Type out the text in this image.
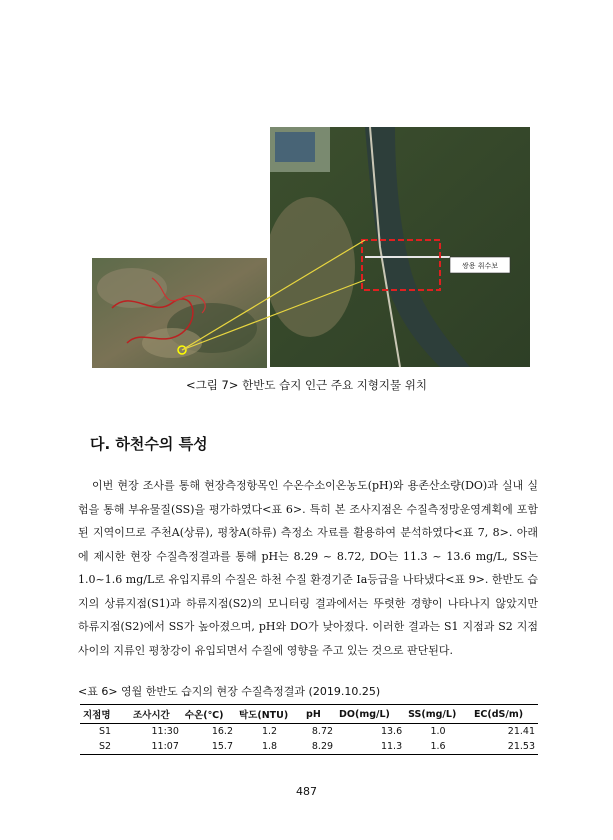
쌍용 취수보
<그림 7> 한반도 습지 인근 주요 지형지물 위치
다. 하천수의 특성

이번 현장 조사를 통해 현장측정항목인 수온수소이온농도(pH)와 용존산소량(DO)과 실내 실험을 통해 부유물질(SS)을 평가하였다<표 6>. 특히 본 조사지점은 수질측정망운영계획에 포함된 지역이므로 주천A(상류), 평창A(하류) 측정소 자료를 활용하여 분석하였다<표 7, 8>. 아래에 제시한 현장 수질측정결과를 통해 pH는 8.29 ~ 8.72, DO는 11.3 ~ 13.6 mg/L, SS는 1.0~1.6 mg/L로 유입지류의 수질은 하천 수질 환경기준 Ia등급을 나타냈다<표 9>. 한반도 습지의 상류지점(S1)과 하류지점(S2)의 모니터링 결과에서는 뚜렷한 경향이 나타나지 않았지만 하류지점(S2)에서 SS가 높아졌으며, pH와 DO가 낮아졌다. 이러한 결과는 S1 지점과 S2 지점 사이의 지류인 평창강이 유입되면서 수질에 영향을 주고 있는 것으로 판단된다.

<표 6> 영월 한반도 습지의 현장 수질측정결과 (2019.10.25)
지점명	조사시간	수온(℃)	탁도(NTU)	pH	DO(mg/L)	SS(mg/L)	EC(dS/m)
S1	11:30	16.2	1.2	8.72	13.6	1.0	21.41
S2	11:07	15.7	1.8	8.29	11.3	1.6	21.53
487
